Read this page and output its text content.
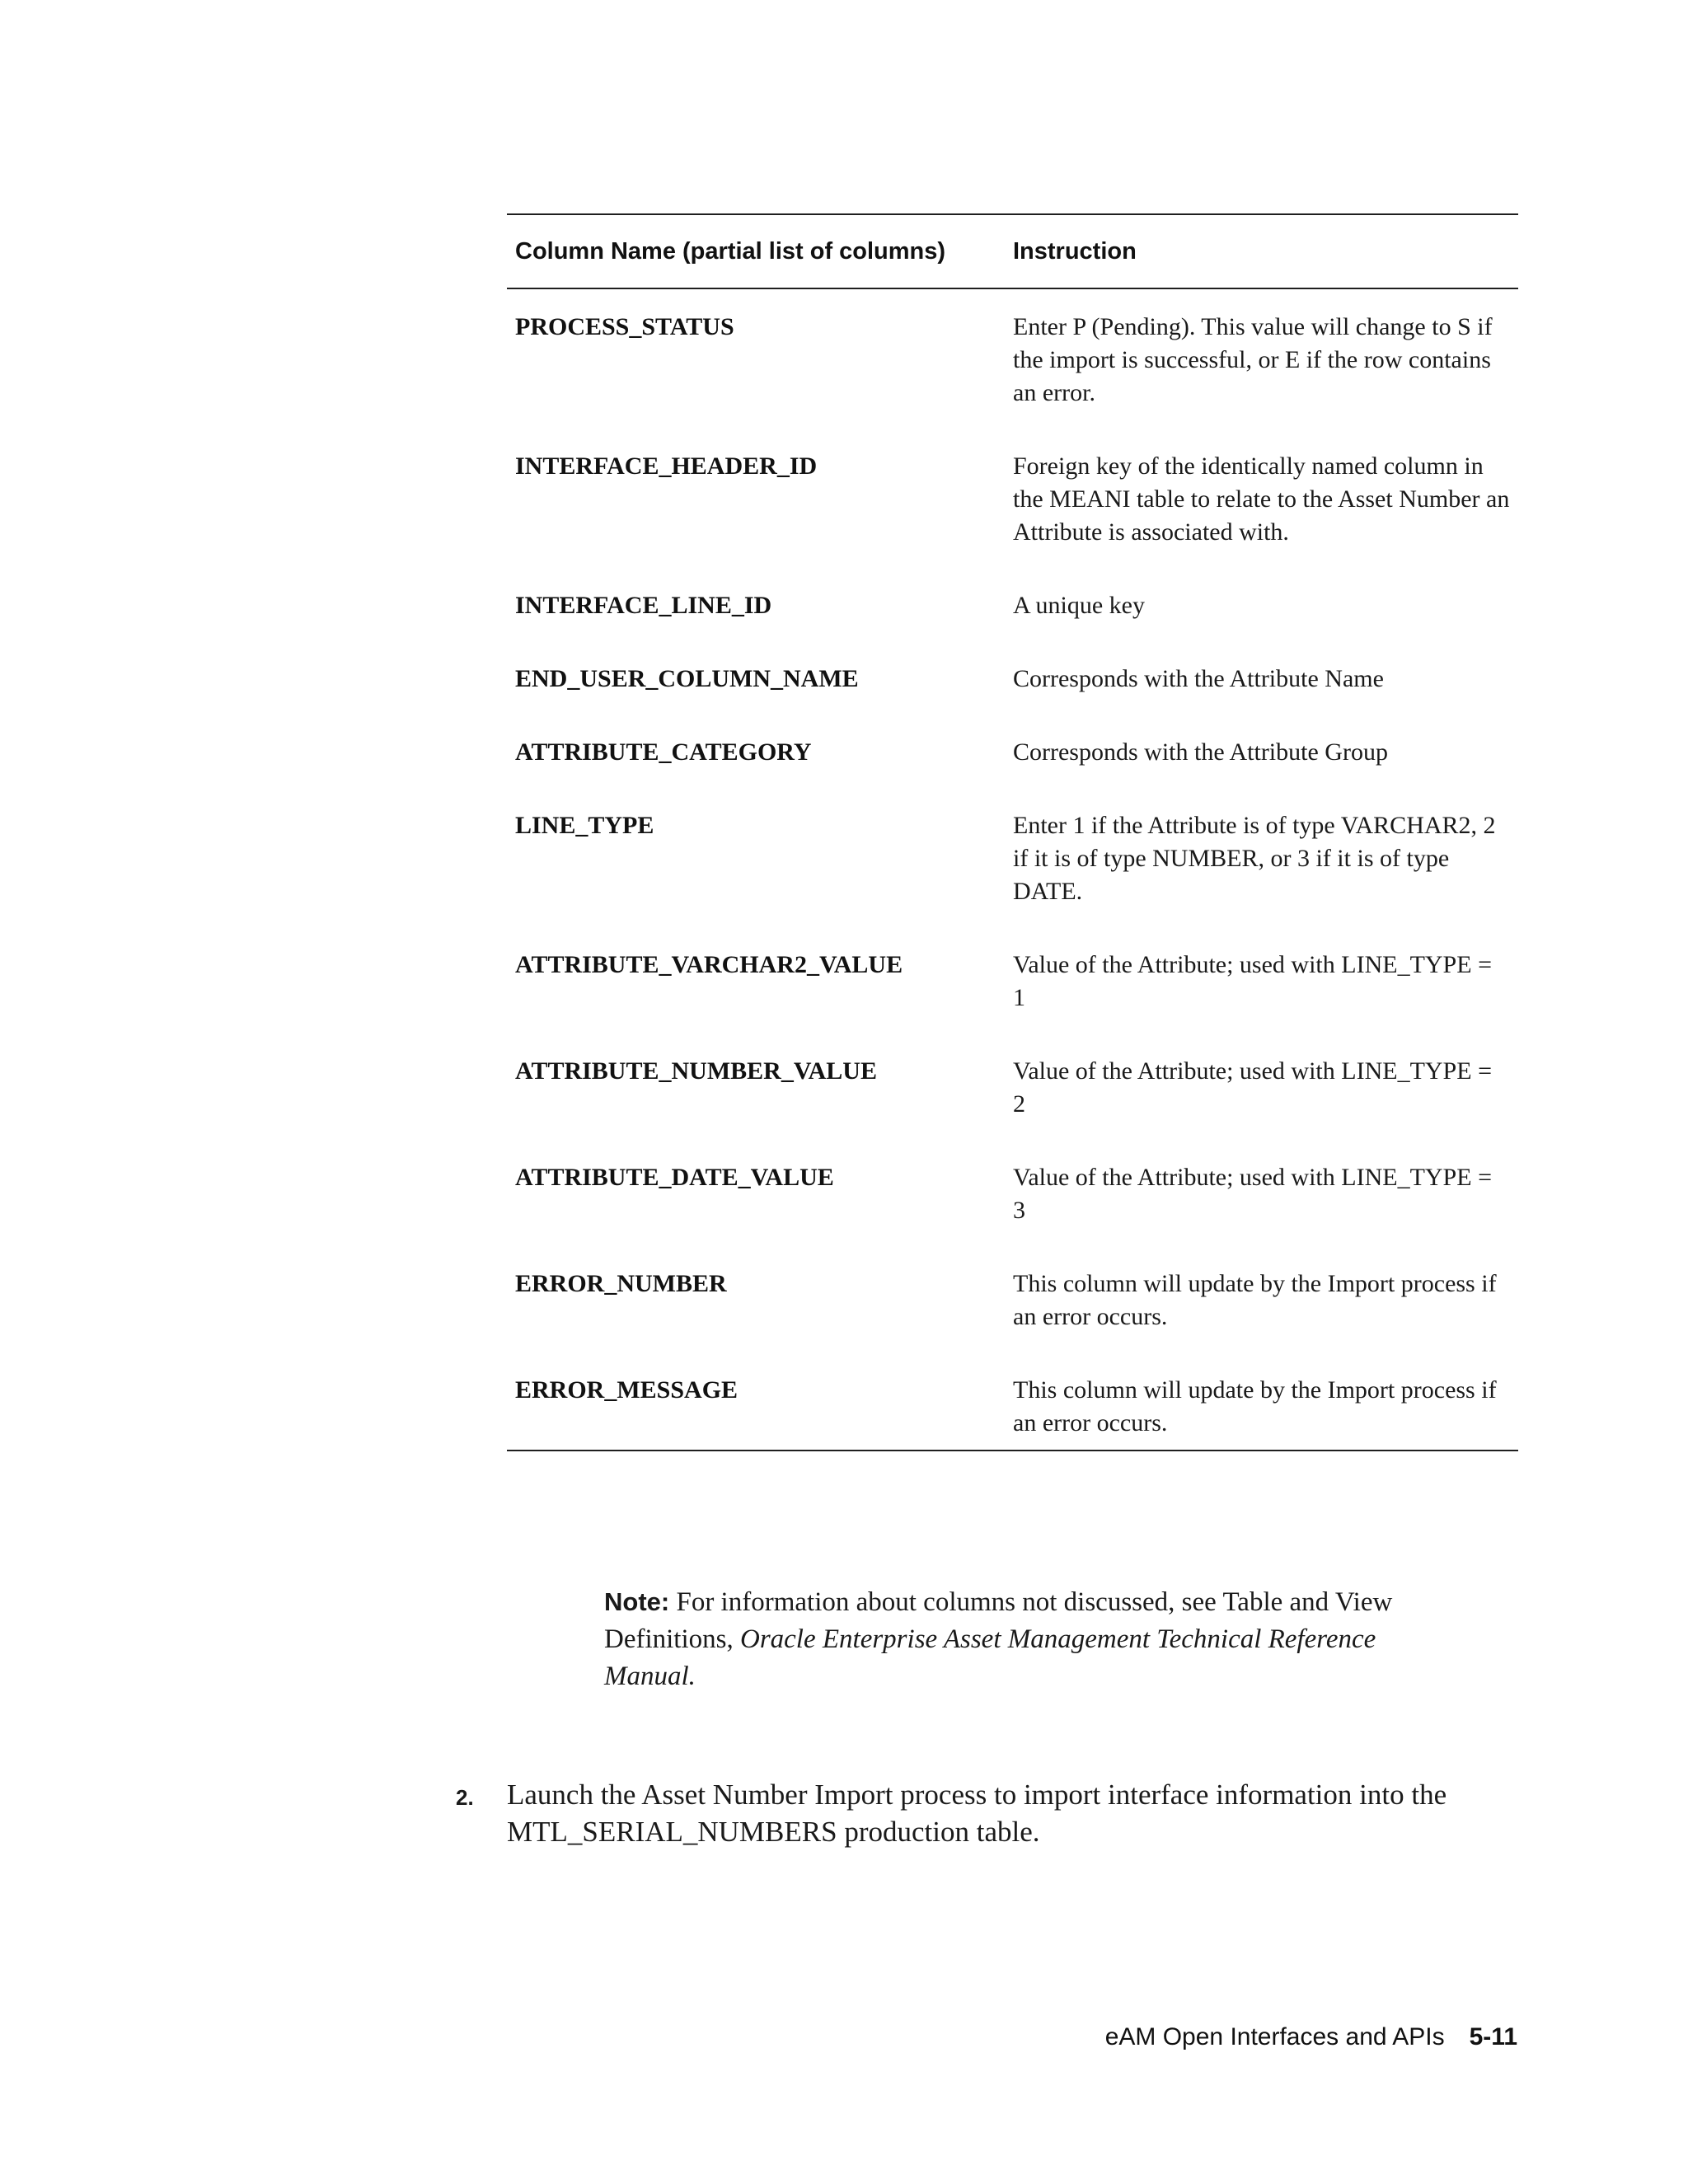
Column Name (partial list of columns)	Instruction
PROCESS_STATUS	Enter P (Pending). This value will change to S if the import is successful, or E if the row contains an error.
INTERFACE_HEADER_ID	Foreign key of the identically named column in the MEANI table to relate to the Asset Number an Attribute is associated with.
INTERFACE_LINE_ID	A unique key
END_USER_COLUMN_NAME	Corresponds with the Attribute Name
ATTRIBUTE_CATEGORY	Corresponds with the Attribute Group
LINE_TYPE	Enter 1 if the Attribute is of type VARCHAR2, 2 if it is of type NUMBER, or 3 if it is of type DATE.
ATTRIBUTE_VARCHAR2_VALUE	Value of the Attribute; used with LINE_TYPE = 1
ATTRIBUTE_NUMBER_VALUE	Value of the Attribute; used with LINE_TYPE = 2
ATTRIBUTE_DATE_VALUE	Value of the Attribute; used with LINE_TYPE = 3
ERROR_NUMBER	This column will update by the Import process if an error occurs.
ERROR_MESSAGE	This column will update by the Import process if an error occurs.
Note: For information about columns not discussed, see Table and View Definitions, Oracle Enterprise Asset Management Technical Reference Manual.
2.	Launch the Asset Number Import process to import interface information into the MTL_SERIAL_NUMBERS production table.
eAM Open Interfaces and APIs 5-11
